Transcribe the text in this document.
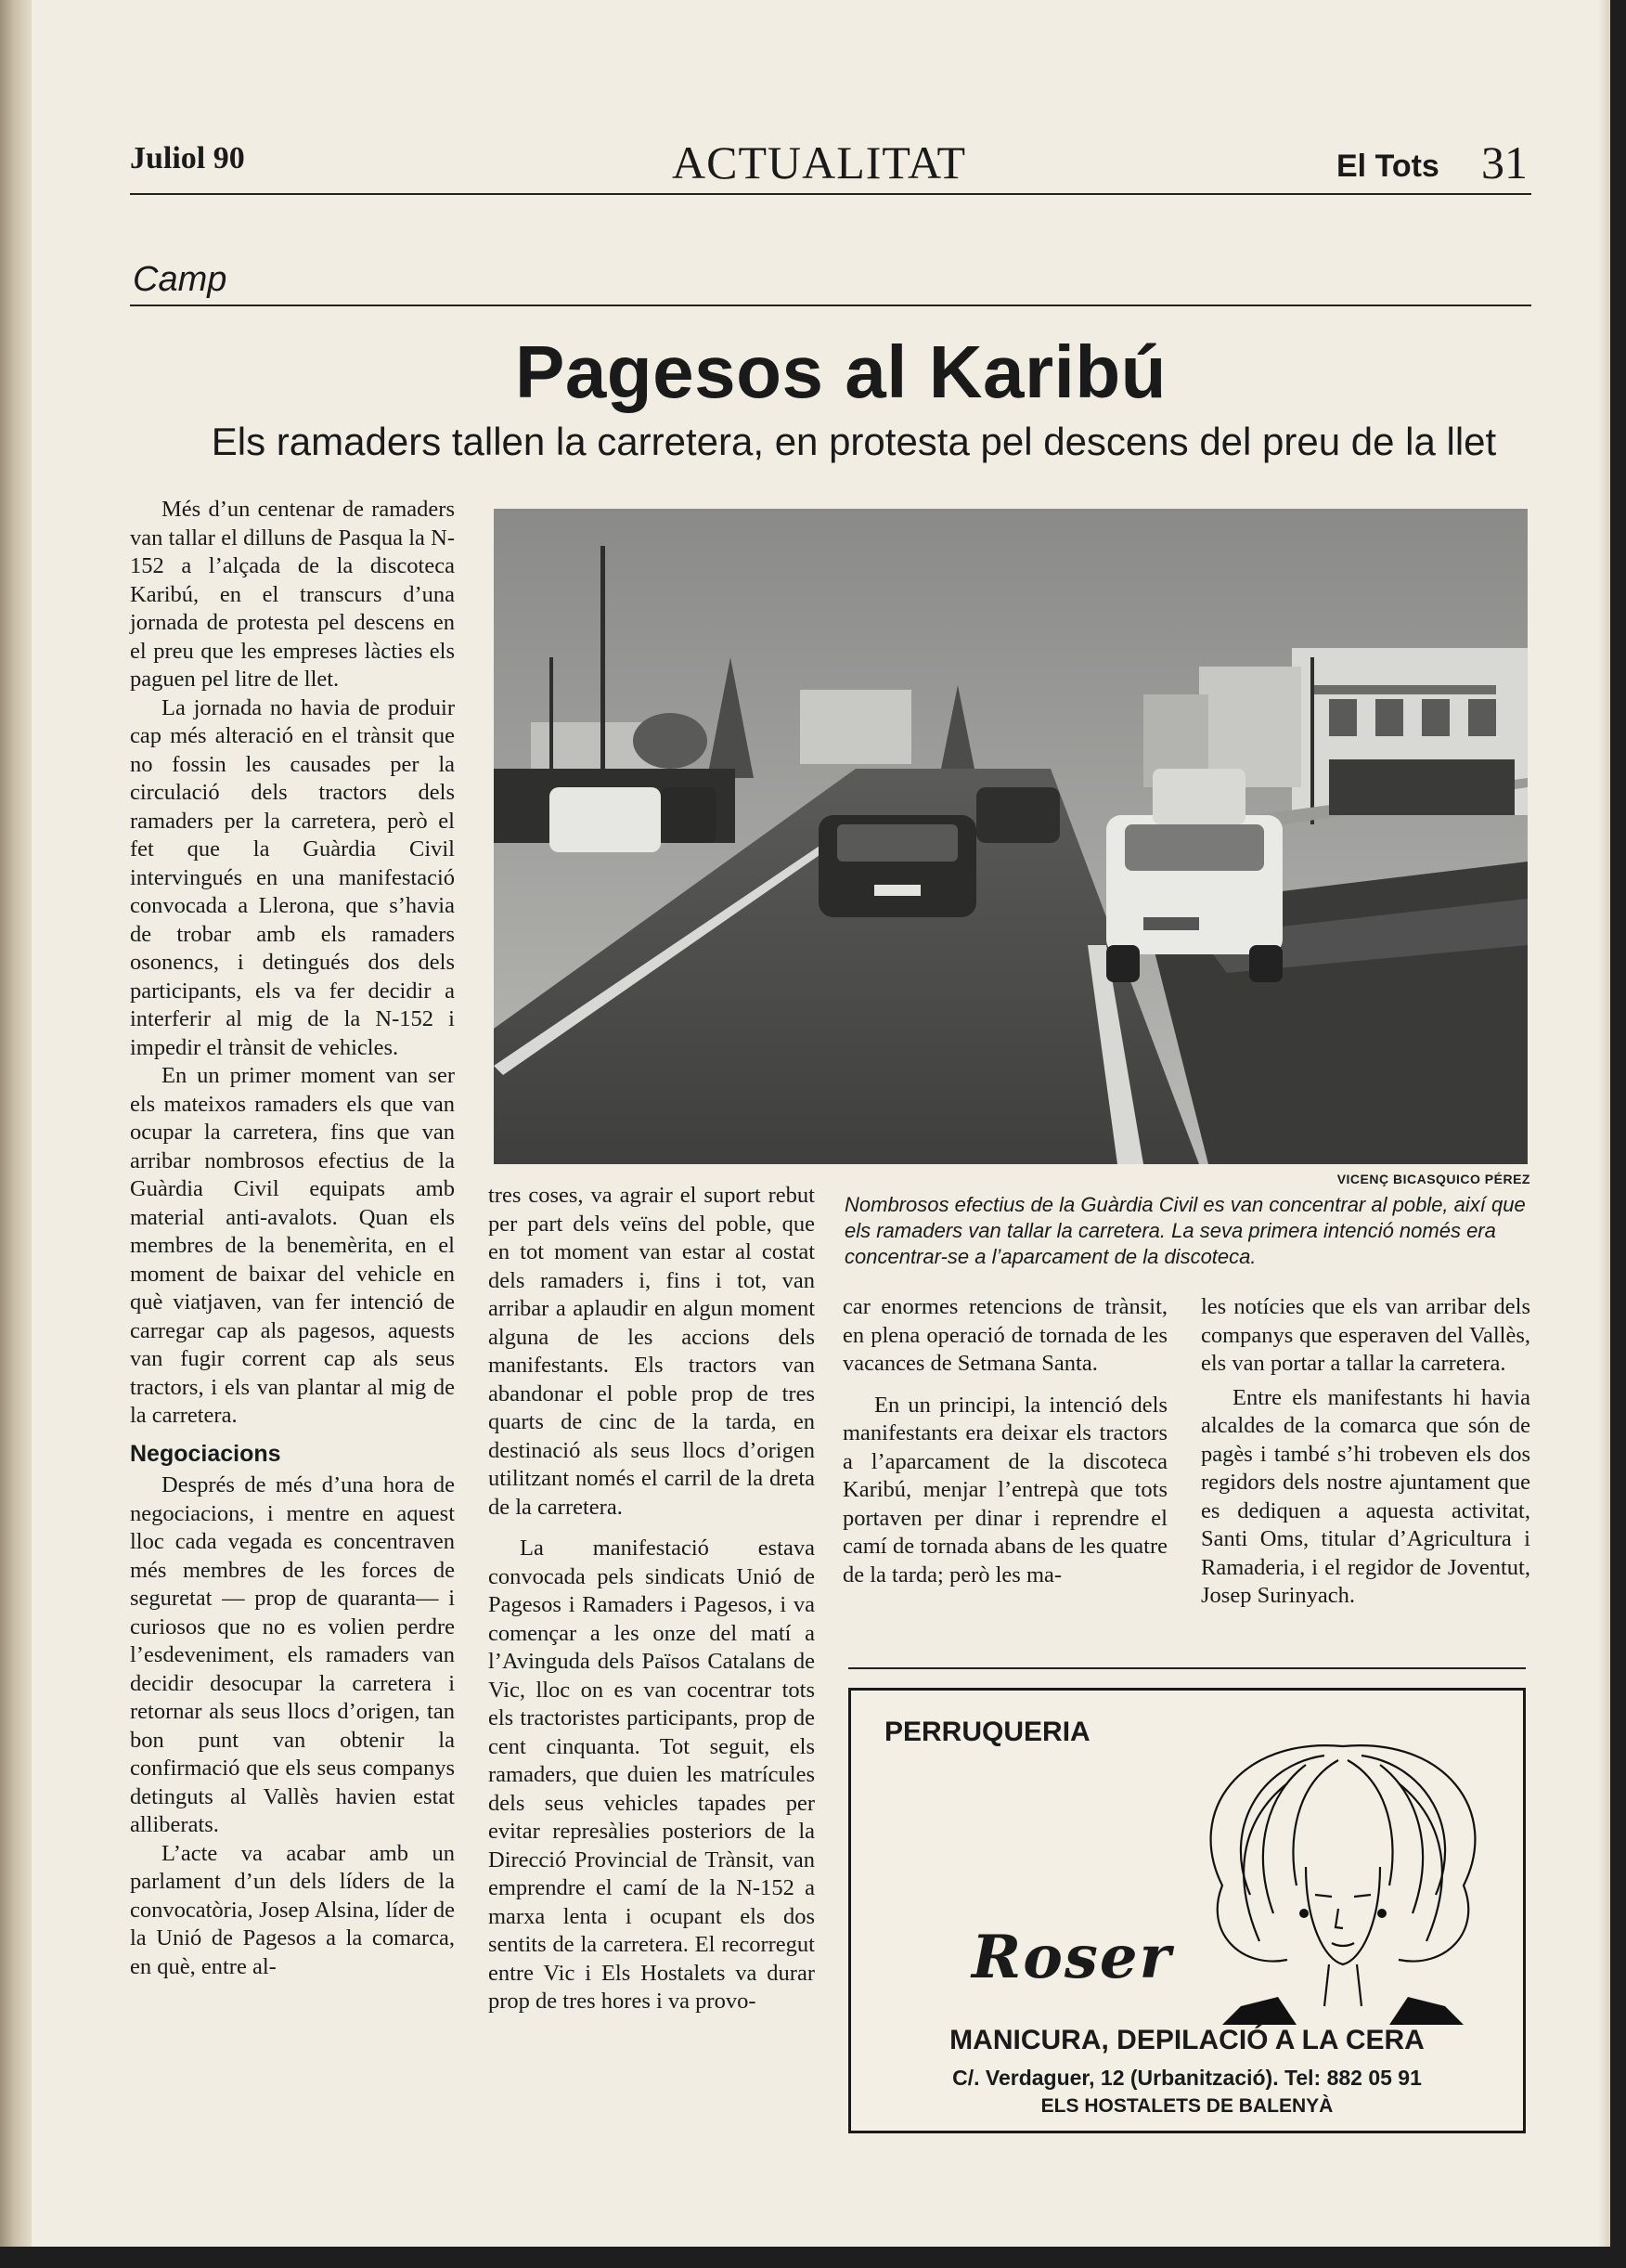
Juliol 90	ACTUALITAT	El Tots 31
Camp
Pagesos al Karibú
Els ramaders tallen la carretera, en protesta pel descens del preu de la llet

Més d’un centenar de ramaders van tallar el dilluns de Pasqua la N-152 a l’alçada de la discoteca Karibú, en el transcurs d’una jornada de protesta pel descens en el preu que les empreses làcties els paguen pel litre de llet.

La jornada no havia de produir cap més alteració en el trànsit que no fossin les causades per la circulació dels tractors dels ramaders per la carretera, però el fet que la Guàrdia Civil intervingués en una manifestació convocada a Llerona, que s’havia de trobar amb els ramaders osonencs, i detingués dos dels participants, els va fer decidir a interferir al mig de la N-152 i impedir el trànsit de vehicles.

En un primer moment van ser els mateixos ramaders els que van ocupar la carretera, fins que van arribar nombrosos efectius de la Guàrdia Civil equipats amb material anti-avalots. Quan els membres de la benemèrita, en el moment de baixar del vehicle en què viatjaven, van fer intenció de carregar cap als pagesos, aquests van fugir corrent cap als seus tractors, i els van plantar al mig de la carretera.

Negociacions

Després de més d’una hora de negociacions, i mentre en aquest lloc cada vegada es concentraven més membres de les forces de seguretat — prop de quaranta— i curiosos que no es volien perdre l’esdeveniment, els ramaders van decidir desocupar la carretera i retornar als seus llocs d’origen, tan bon punt van obtenir la confirmació que els seus companys detinguts al Vallès havien estat alliberats.

L’acte va acabar amb un parlament d’un dels líders de la convocatòria, Josep Alsina, líder de la Unió de Pagesos a la comarca, en què, entre al-

VICENÇ BICASQUICO PÉREZ
Nombrosos efectius de la Guàrdia Civil es van concentrar al poble, així que els ramaders van tallar la carretera. La seva primera intenció només era concentrar-se a l’aparcament de la discoteca.

tres coses, va agrair el suport rebut per part dels veïns del poble, que en tot moment van estar al costat dels ramaders i, fins i tot, van arribar a aplaudir en algun moment alguna de les accions dels manifestants. Els tractors van abandonar el poble prop de tres quarts de cinc de la tarda, en destinació als seus llocs d’origen utilitzant només el carril de la dreta de la carretera.

La manifestació estava convocada pels sindicats Unió de Pagesos i Ramaders i Pagesos, i va començar a les onze del matí a l’Avinguda dels Països Catalans de Vic, lloc on es van cocentrar tots els tractoristes participants, prop de cent cinquanta. Tot seguit, els ramaders, que duien les matrícules dels seus vehicles tapades per evitar represàlies posteriors de la Direcció Provincial de Trànsit, van emprendre el camí de la N-152 a marxa lenta i ocupant els dos sentits de la carretera. El recorregut entre Vic i Els Hostalets va durar prop de tres hores i va provo-

car enormes retencions de trànsit, en plena operació de tornada de les vacances de Setmana Santa.

En un principi, la intenció dels manifestants era deixar els tractors a l’aparcament de la discoteca Karibú, menjar l’entrepà que tots portaven per dinar i reprendre el camí de tornada abans de les quatre de la tarda; però les ma-

les notícies que els van arribar dels companys que esperaven del Vallès, els van portar a tallar la carretera.

Entre els manifestants hi havia alcaldes de la comarca que són de pagès i també s’hi trobeven els dos regidors dels nostre ajuntament que es dediquen a aquesta activitat, Santi Oms, titular d’Agricultura i Ramaderia, i el regidor de Joventut, Josep Surinyach.

PERRUQUERIA
Roser
MANICURA, DEPILACIÓ A LA CERA
C/. Verdaguer, 12 (Urbanització). Tel: 882 05 91
ELS HOSTALETS DE BALENYÀ
